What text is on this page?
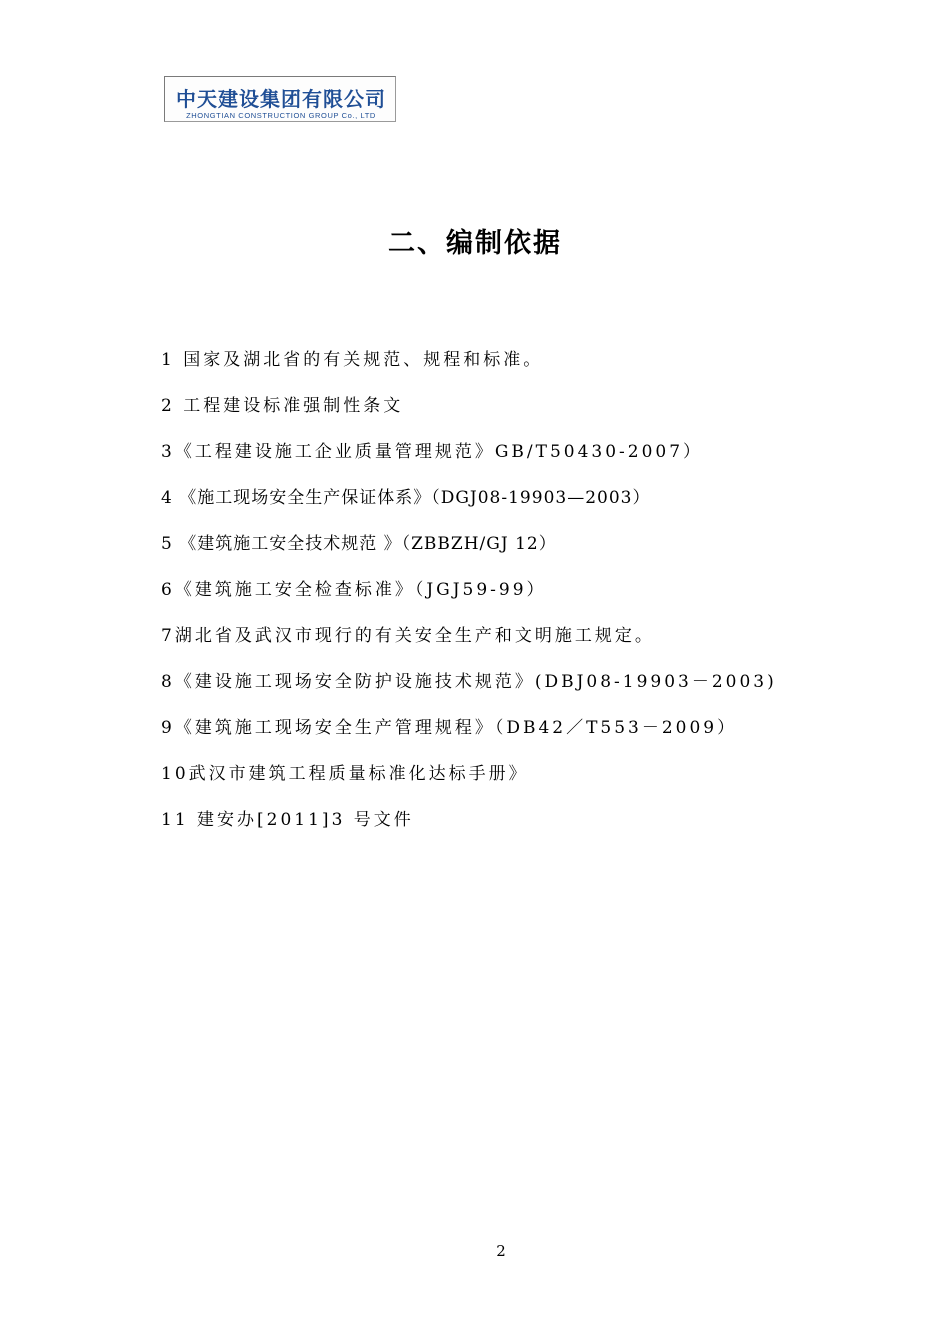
中天建设集团有限公司
ZHONGTIAN CONSTRUCTION GROUP Co., LTD
二、编制依据
1 国家及湖北省的有关规范、规程和标准。
2 工程建设标准强制性条文
3《工程建设施工企业质量管理规范》GB/T50430-2007）
4 《施工现场安全生产保证体系》（DGJ08-19903—2003）
5 《建筑施工安全技术规范 》（ZBBZH/GJ 12）
6《建筑施工安全检查标准》（JGJ59-99）
7湖北省及武汉市现行的有关安全生产和文明施工规定。
8《建设施工现场安全防护设施技术规范》(DBJ08-19903－2003)
9《建筑施工现场安全生产管理规程》（DB42／T553－2009）
10武汉市建筑工程质量标准化达标手册》
11 建安办[2011]3 号文件
2
